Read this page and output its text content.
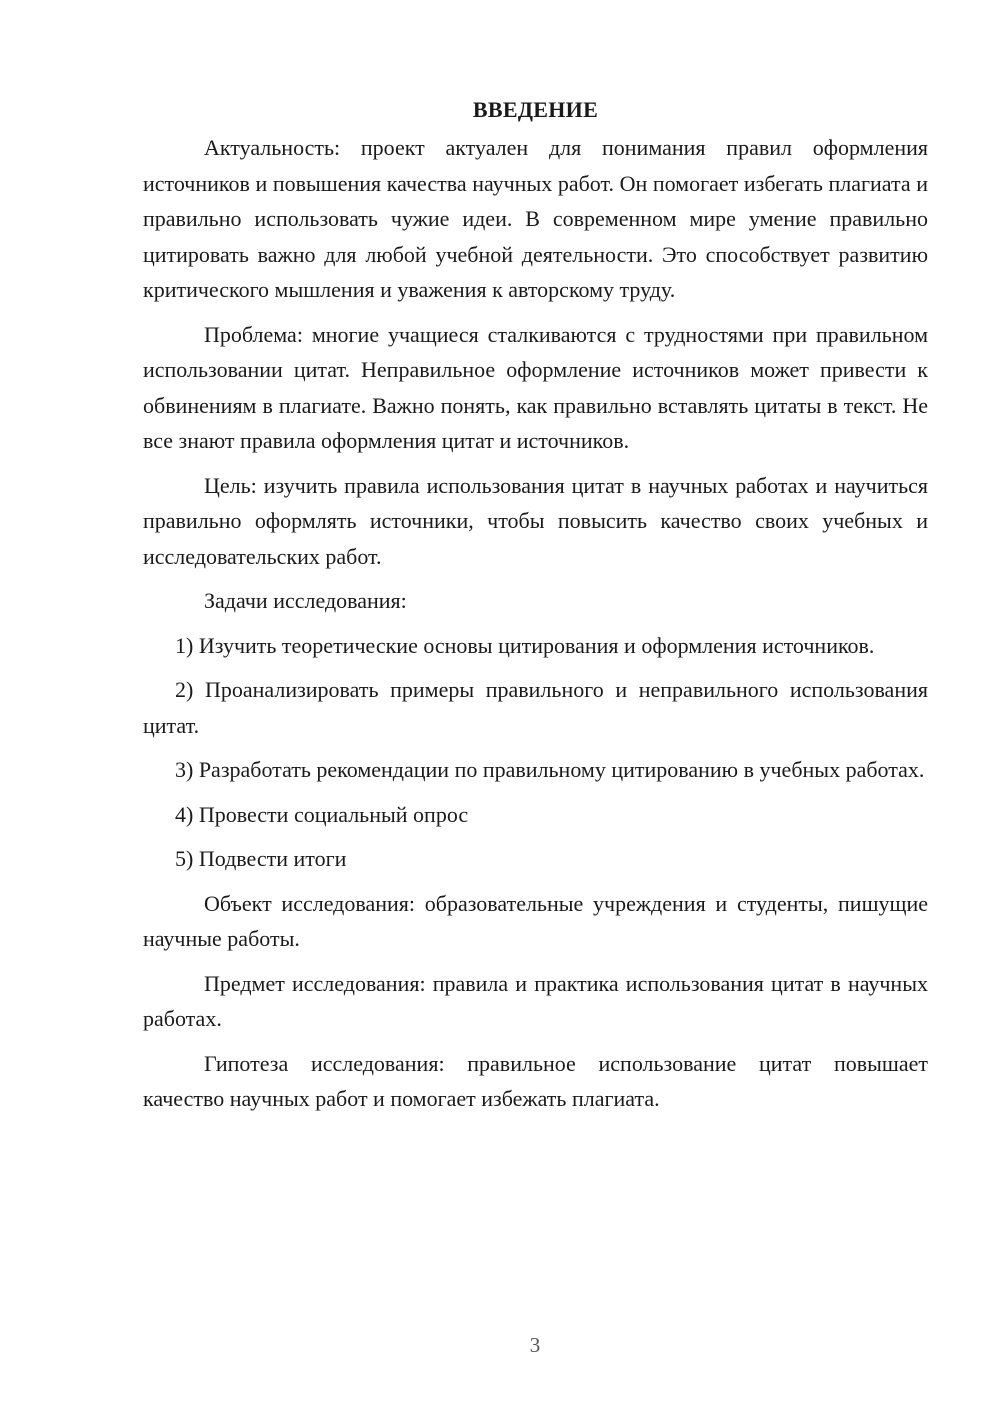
ВВЕДЕНИЕ

Актуальность: проект актуален для понимания правил оформления источников и повышения качества научных работ. Он помогает избегать плагиата и правильно использовать чужие идеи. В современном мире умение правильно цитировать важно для любой учебной деятельности. Это способствует развитию критического мышления и уважения к авторскому труду.

Проблема: многие учащиеся сталкиваются с трудностями при правильном использовании цитат. Неправильное оформление источников может привести к обвинениям в плагиате. Важно понять, как правильно вставлять цитаты в текст. Не все знают правила оформления цитат и источников.

Цель: изучить правила использования цитат в научных работах и научиться правильно оформлять источники, чтобы повысить качество своих учебных и исследовательских работ.

Задачи исследования:

1) Изучить теоретические основы цитирования и оформления источников.

2) Проанализировать примеры правильного и неправильного использования цитат.

3) Разработать рекомендации по правильному цитированию в учебных работах.

4) Провести социальный опрос

5) Подвести итоги

Объект исследования: образовательные учреждения и студенты, пишущие научные работы.

Предмет исследования: правила и практика использования цитат в научных работах.

Гипотеза исследования: правильное использование цитат повышает качество научных работ и помогает избежать плагиата.

3
